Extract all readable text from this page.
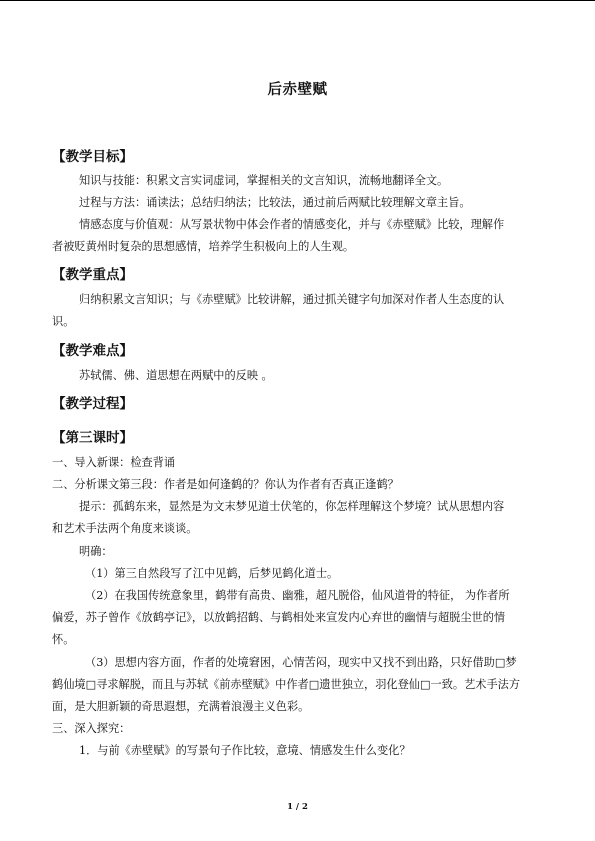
后赤壁赋
【教学目标】
知识与技能：积累文言实词虚词，掌握相关的文言知识，流畅地翻译全文。
过程与方法：诵读法；总结归纳法；比较法，通过前后两赋比较理解文章主旨。
情感态度与价值观：从写景状物中体会作者的情感变化，并与《赤壁赋》比较，理解作
者被贬黄州时复杂的思想感情，培养学生积极向上的人生观。
【教学重点】
归纳积累文言知识；与《赤壁赋》比较讲解，通过抓关键字句加深对作者人生态度的认
识。
【教学难点】
苏轼儒、佛、道思想在两赋中的反映 。
【教学过程】
【第三课时】
一、导入新课：检查背诵
二、分析课文第三段：作者是如何逢鹤的？你认为作者有否真正逢鹤？
提示：孤鹤东来，显然是为文末梦见道士伏笔的，你怎样理解这个梦境？试从思想内容
和艺术手法两个角度来谈谈。
明确：
（1）第三自然段写了江中见鹤，后梦见鹤化道士。
（2）在我国传统意象里，鹤带有高贵、幽雅，超凡脱俗，仙风道骨的特征， 为作者所
偏爱，苏子曾作《放鹤亭记》，以放鹤招鹤、与鹤相处来宣发内心弃世的幽情与超脱尘世的情
怀。
（3）思想内容方面，作者的处境窘困，心情苦闷，现实中又找不到出路，只好借助□梦
鹤仙境□寻求解脱，而且与苏轼《前赤壁赋》中作者□遗世独立，羽化登仙□一致。艺术手法方
面，是大胆新颖的奇思遐想，充满着浪漫主义色彩。
三、深入探究：
1．与前《赤壁赋》的写景句子作比较，意境、情感发生什么变化？
1 / 2
